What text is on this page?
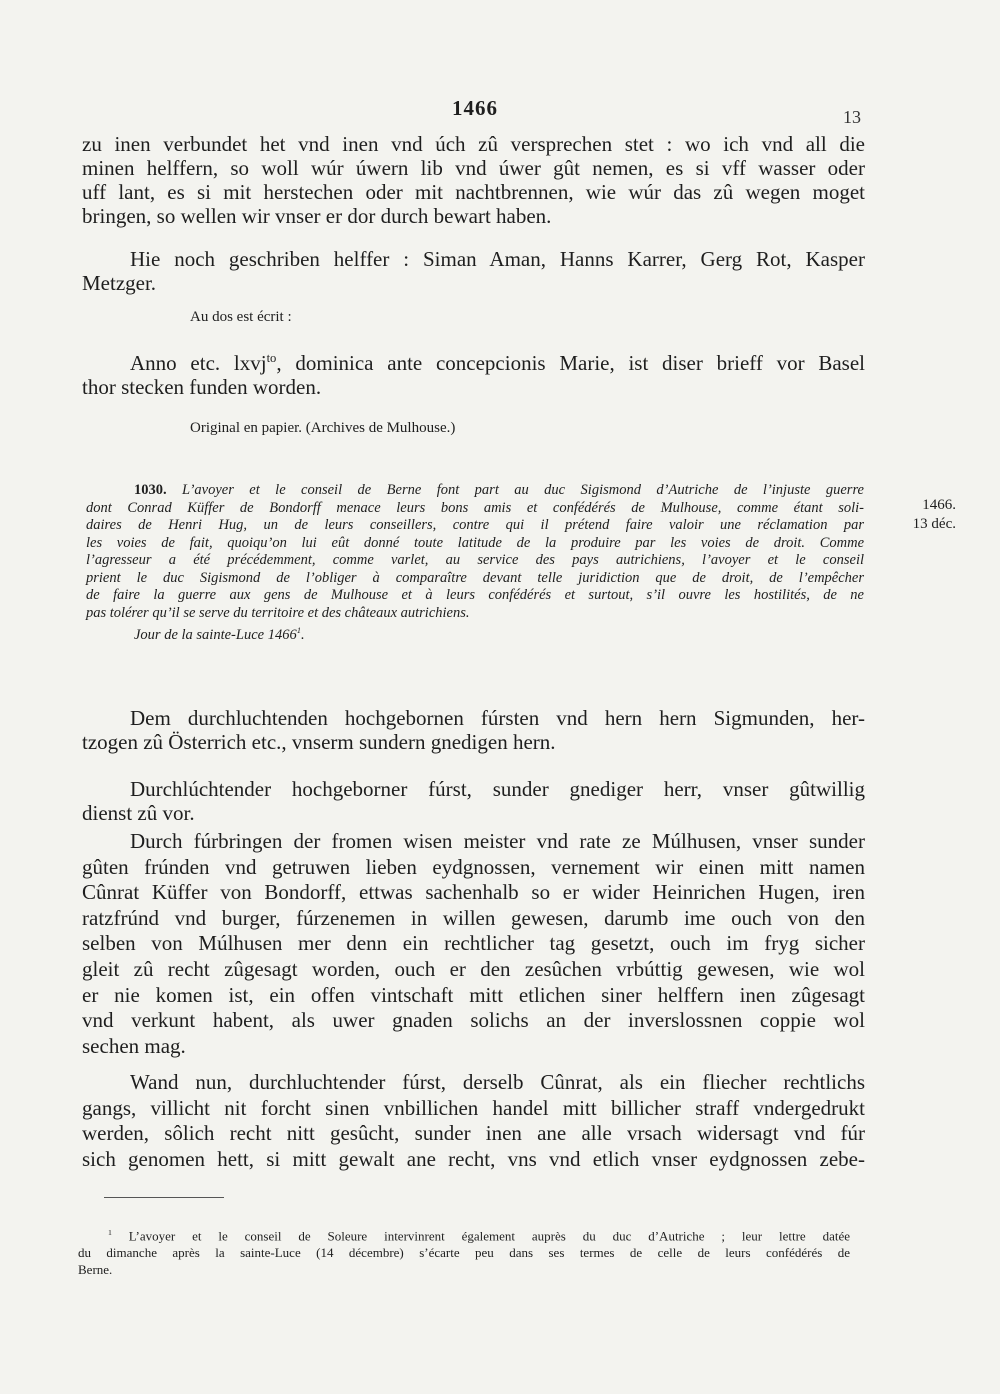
1466	13
zu inen verbundet het vnd inen vnd úch zû versprechen stet : wo ich vnd all die
minen helffern, so woll wúr úwern lib vnd úwer gût nemen, es si vff wasser oder
uff lant, es si mit herstechen oder mit nachtbrennen, wie wúr das zû wegen moget
bringen, so wellen wir vnser er dor durch bewart haben.
Hie noch geschriben helffer : Siman Aman, Hanns Karrer, Gerg Rot, Kasper
Metzger.
Au dos est écrit :
Anno etc. lxvj$^{to}$, dominica ante concepcionis Marie, ist diser brieff vor Basel
thor stecken funden worden.
Original en papier. (Archives de Mulhouse.)
1030. L’avoyer et le conseil de Berne font part au duc Sigismond d’Autriche de l’injuste guerre
dont Conrad Küffer de Bondorff menace leurs bons amis et confédérés de Mulhouse, comme étant soli-
daires de Henri Hug, un de leurs conseillers, contre qui il prétend faire valoir une réclamation par
les voies de fait, quoiqu’on lui eût donné toute latitude de la produire par les voies de droit. Comme
l’agresseur a été précédemment, comme varlet, au service des pays autrichiens, l’avoyer et le conseil
prient le duc Sigismond de l’obliger à comparaître devant telle juridiction que de droit, de l’empêcher
de faire la guerre aux gens de Mulhouse et à leurs confédérés et surtout, s’il ouvre les hostilités, de ne
pas tolérer qu’il se serve du territoire et des châteaux autrichiens.
Jour de la sainte-Luce 1466$^1$.
1466.
13 déc.
Dem durchluchtenden hochgebornen fúrsten vnd hern hern Sigmunden, her-
tzogen zû Österrich etc., vnserm sundern gnedigen hern.
Durchlúchtender hochgeborner fúrst, sunder gnediger herr, vnser gûtwillig
dienst zû vor.
Durch fúrbringen der fromen wisen meister vnd rate ze Múlhusen, vnser sunder
gûten frúnden vnd getruwen lieben eydgnossen, vernement wir einen mitt namen
Cûnrat Küffer von Bondorff, ettwas sachenhalb so er wider Heinrichen Hugen, iren
ratzfrúnd vnd burger, fúrzenemen in willen gewesen, darumb ime ouch von den
selben von Múlhusen mer denn ein rechtlicher tag gesetzt, ouch im fryg sicher
gleit zû recht zûgesagt worden, ouch er den zesûchen vrbúttig gewesen, wie wol
er nie komen ist, ein offen vintschaft mitt etlichen siner helffern inen zûgesagt
vnd verkunt habent, als uwer gnaden solichs an der inverslossnen coppie wol
sechen mag.
Wand nun, durchluchtender fúrst, derselb Cûnrat, als ein fliecher rechtlichs
gangs, villicht nit forcht sinen vnbillichen handel mitt billicher straff vndergedrukt
werden, sôlich recht nitt gesûcht, sunder inen ane alle vrsach widersagt vnd fúr
sich genomen hett, si mitt gewalt ane recht, vns vnd etlich vnser eydgnossen zebe-
$^1$ L’avoyer et le conseil de Soleure intervinrent également auprès du duc d’Autriche ; leur lettre datée
du dimanche après la sainte-Luce (14 décembre) s’écarte peu dans ses termes de celle de leurs confédérés de
Berne.
